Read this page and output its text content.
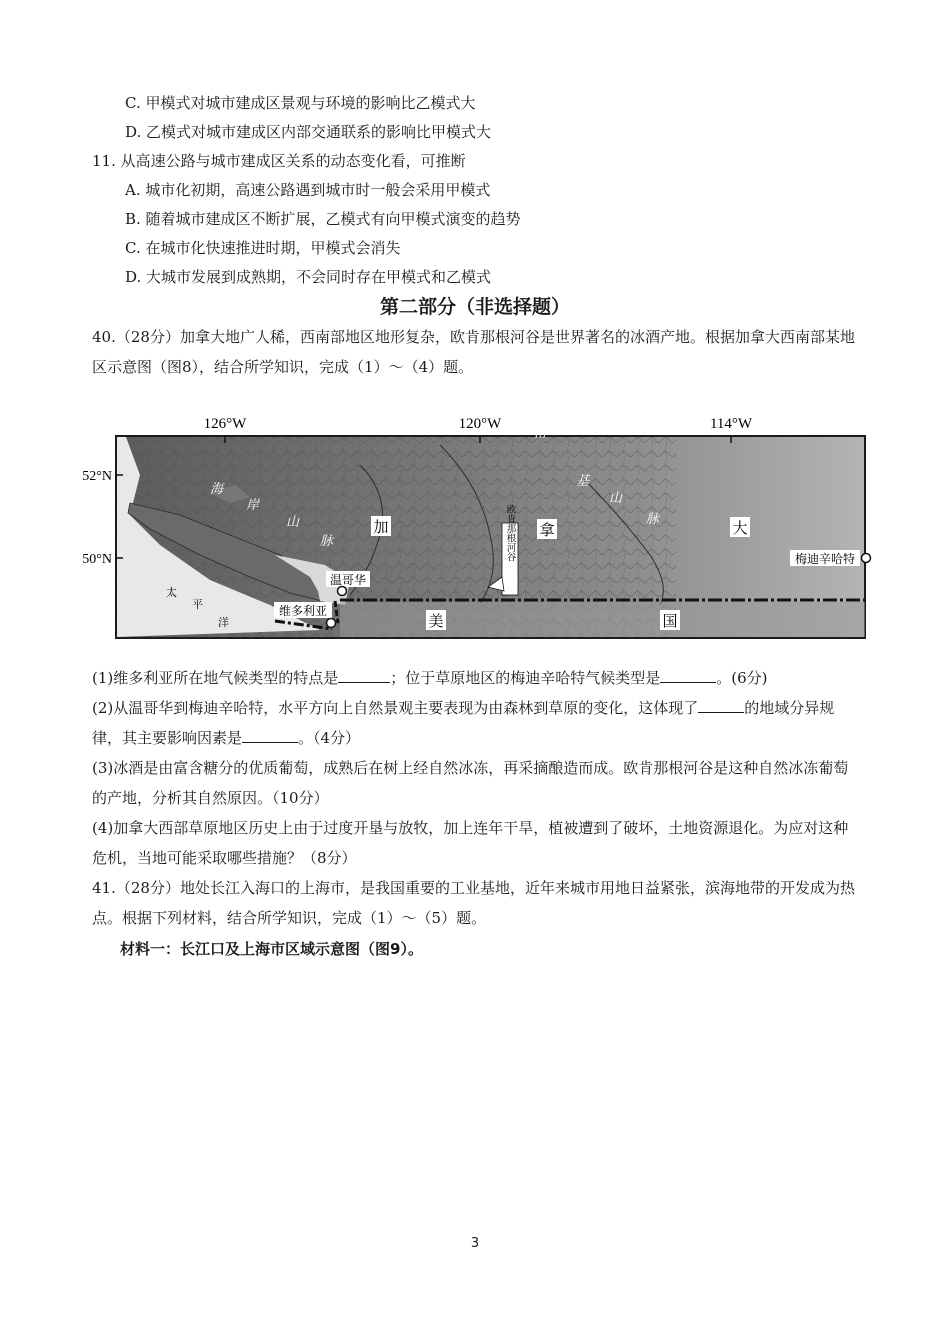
C. 甲模式对城市建成区景观与环境的影响比乙模式大
D. 乙模式对城市建成区内部交通联系的影响比甲模式大
11. 从高速公路与城市建成区关系的动态变化看，可推断
A. 城市化初期，高速公路遇到城市时一般会采用甲模式
B. 随着城市建成区不断扩展，乙模式有向甲模式演变的趋势
C. 在城市化快速推进时期，甲模式会消失
D. 大城市发展到成熟期，不会同时存在甲模式和乙模式
第二部分（非选择题）
40.（28分）加拿大地广人稀，西南部地区地形复杂，欧肯那根河谷是世界著名的冰酒产地。根据加拿大西南部某地区示意图（图8），结合所学知识，完成（1）～（4）题。
126°W	120°W	114°W
52°N
50°N
海
岸
山
脉
落
基
山
脉
加	拿	大
美	国
太
平
洋
温哥华
维多利亚
梅迪辛哈特
欧肯那根河谷
(1)维多利亚所在地气候类型的特点是	；位于草原地区的梅迪辛哈特气候类型是	。(6分)
(2)从温哥华到梅迪辛哈特，水平方向上自然景观主要表现为由森林到草原的变化，这体现了	的地域分异规律，其主要影响因素是	。（4分）
(3)冰酒是由富含糖分的优质葡萄，成熟后在树上经自然冰冻，再采摘酿造而成。欧肯那根河谷是这种自然冰冻葡萄的产地，分析其自然原因。（10分）
(4)加拿大西部草原地区历史上由于过度开垦与放牧，加上连年干旱，植被遭到了破坏，土地资源退化。为应对这种危机，当地可能采取哪些措施？（8分）
41.（28分）地处长江入海口的上海市，是我国重要的工业基地，近年来城市用地日益紧张，滨海地带的开发成为热点。根据下列材料，结合所学知识，完成（1）～（5）题。
材料一：长江口及上海市区域示意图（图9）。
3
